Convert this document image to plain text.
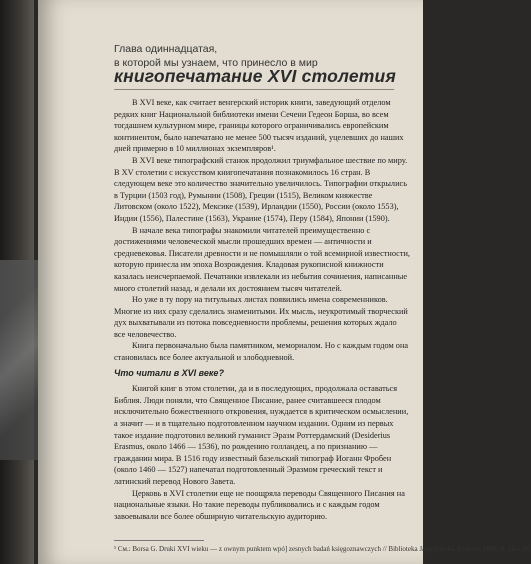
Глава одиннадцатая,
в которой мы узнаем, что принесло в мир
книгопечатание XVI столетия

В XVI веке, как считает венгерский историк книги, заведующий отделом редких книг Национальной библиотеки имени Сечени Гедеон Борша, во всем тогдашнем культурном мире, границы которого ограничивались европейским континентом, было напечатано не менее 500 тысяч изданий, уцелевших до наших дней примерно в 10 миллионах экземпляров¹.

В XVI веке типографский станок продолжил триумфальное шествие по миру. В XV столетии с искусством книгопечатания познакомилось 16 стран. В следующем веке это количество значительно увеличилось. Типографии открылись в Турции (1503 год), Румынии (1508), Греции (1515), Великом княжестве Литовском (около 1522), Мексике (1539), Ирландии (1550), России (около 1553), Индии (1556), Палестине (1563), Украине (1574), Перу (1584), Японии (1590).

В начале века типографы знакомили читателей преимущественно с достижениями человеческой мысли прошедших времен — античности и средневековья. Писатели древности и не помышляли о той всемирной известности, которую принесла им эпоха Возрождения. Кладовая рукописной книжности казалась неисчерпаемой. Печатники извлекали из небытия сочинения, написанные много столетий назад, и делали их достоянием тысяч читателей.

Но уже в ту пору на титульных листах появились имена современников. Многие из них сразу сделались знаменитыми. Их мысль, неукротимый творческий дух выхватывали из потока повседневности проблемы, решения которых ждало все человечество.

Книга первоначально была памятником, мемориалом. Но с каждым годом она становилась все более актуальной и злободневной.

Что читали в XVI веке?

Книгой книг в этом столетии, да и в последующих, продолжала оставаться Библия. Люди поняли, что Священное Писание, ранее считавшееся плодом исключительно божественного откровения, нуждается в критическом осмыслении, а значит — и в тщательно подготовленном научном издании. Одним из первых такое издание подготовил великий гуманист Эразм Роттердамский (Desiderius Erasmus, около 1466 — 1536), по рождению голландец, а по признанию — гражданин мира. В 1516 году известный базельский типограф Иоганн Фробен (около 1460 — 1527) напечатал подготовленный Эразмом греческий текст и латинский перевод Нового Завета.

Церковь в XVI столетии еще не поощряла переводы Священного Писания на национальные языки. Но такие переводы публиковались и с каждым годом завоевывали все более обширную читательскую аудиторию.

¹ См.: Borsa G. Druki XVI wieku — z ownym punktem wpó] zesnych badań księgoznawczych // Biblioteka Jagiellońska. Kraków, 1996. S. 25—36.
